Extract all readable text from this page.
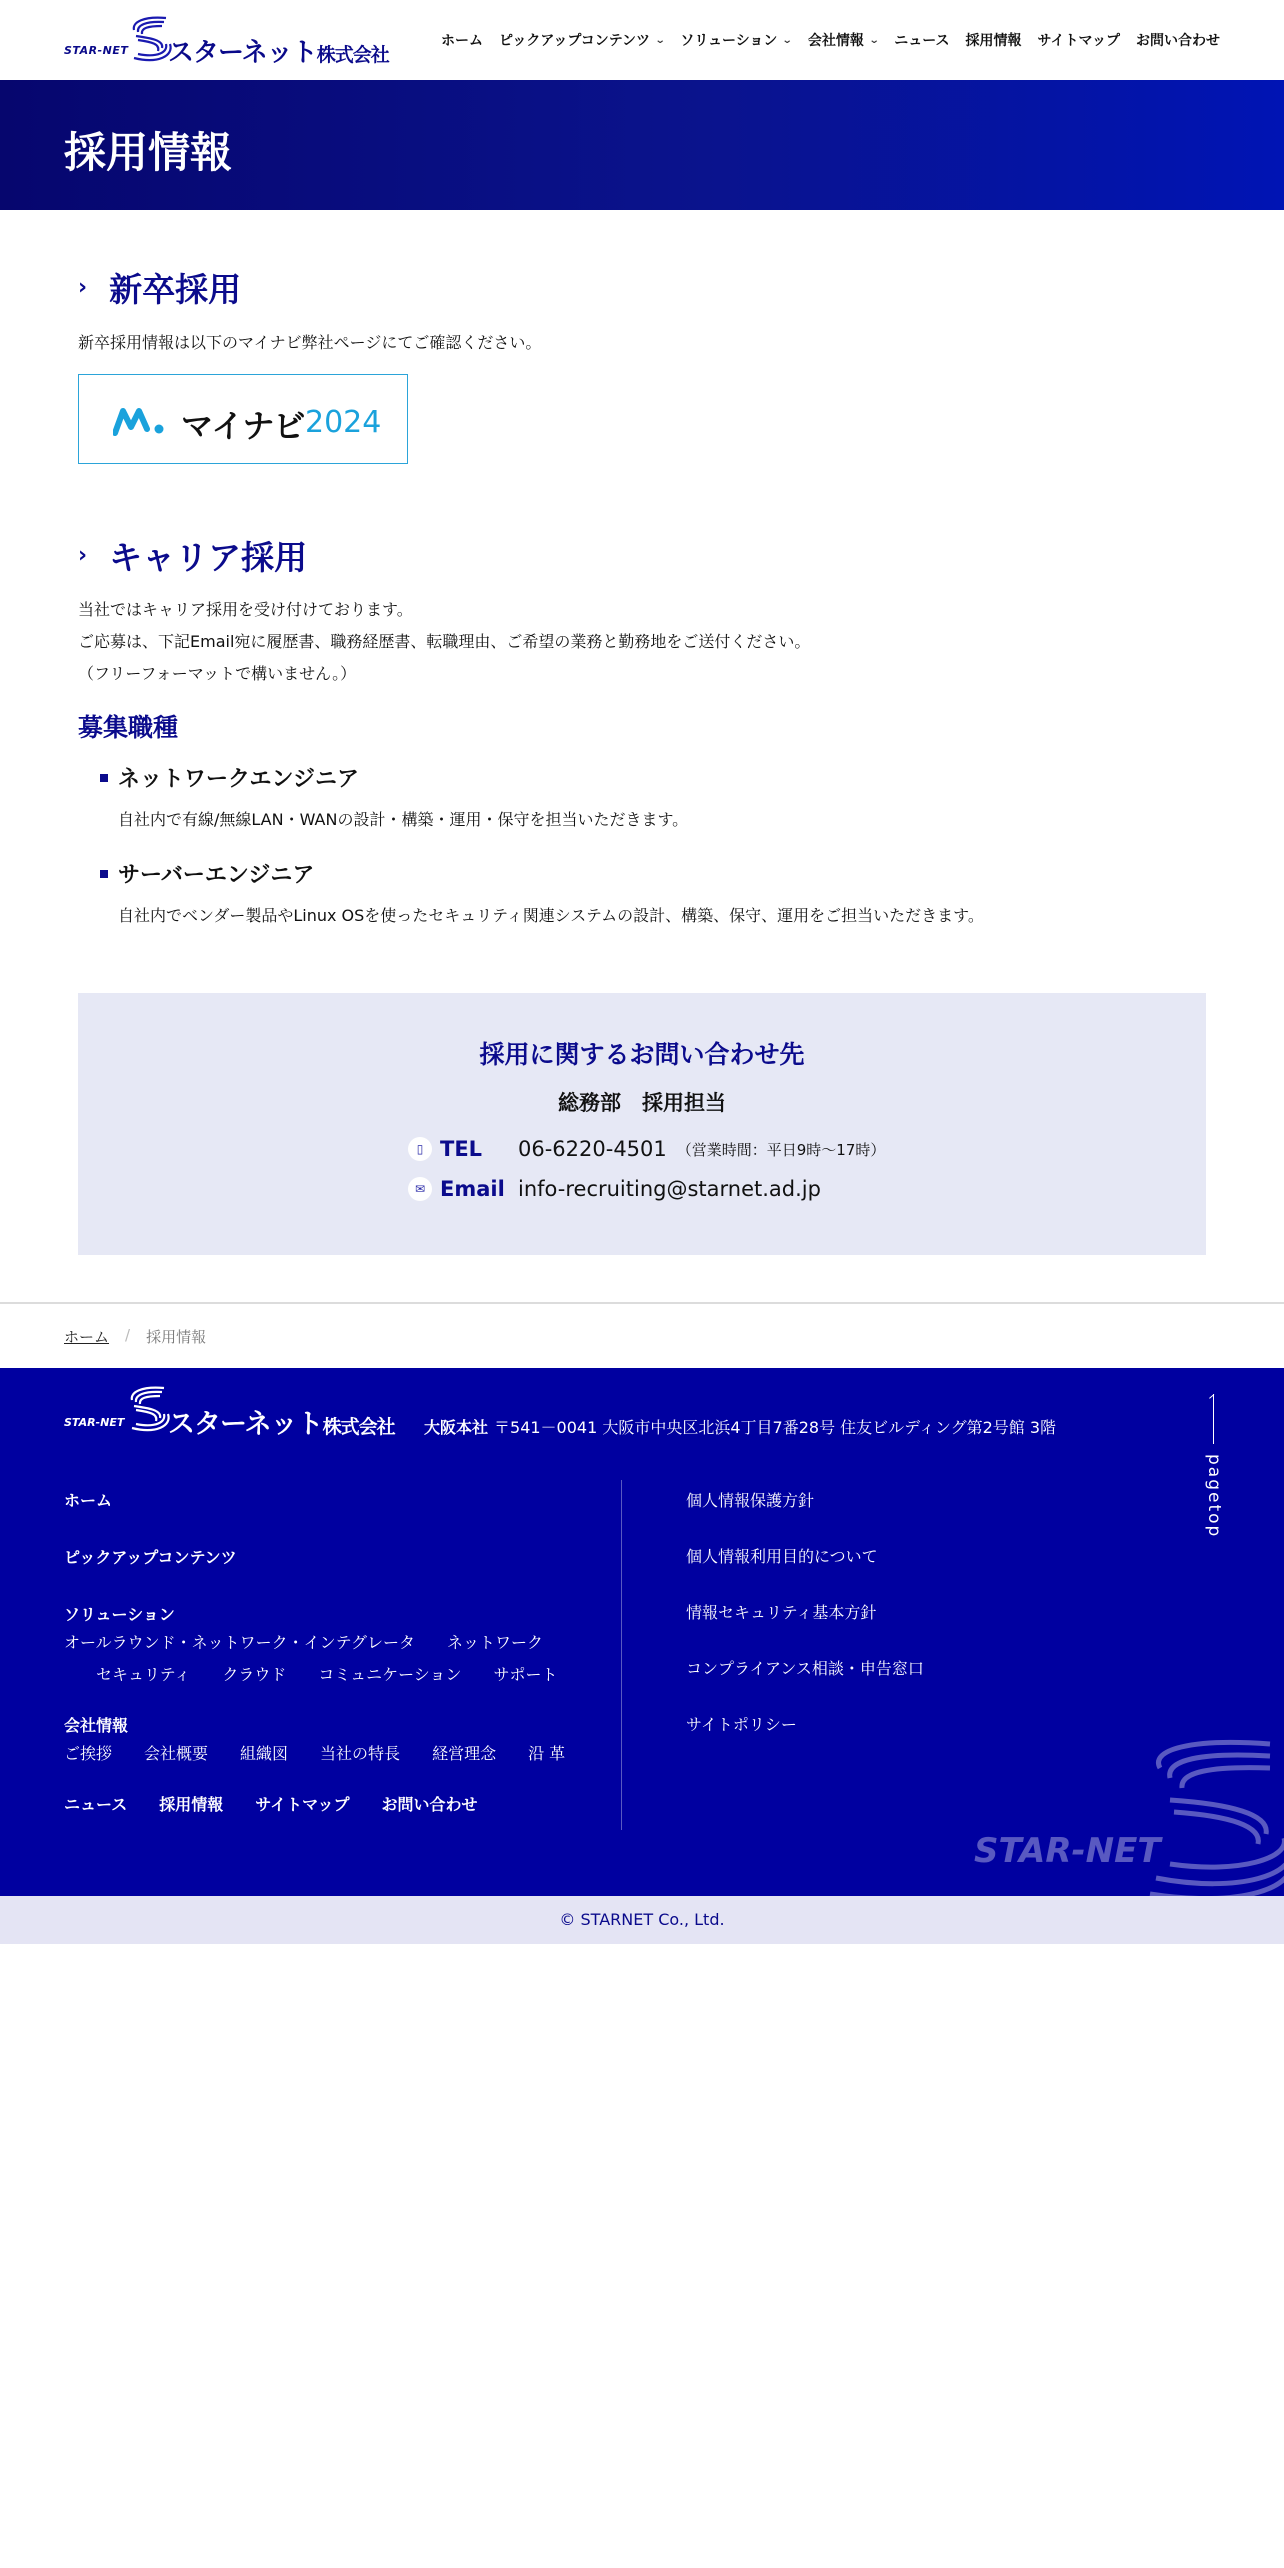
STAR-NET スターネット株式会社
ホーム ピックアップコンテンツ ⌄ ソリューション ⌄ 会社情報 ⌄ ニュース 採用情報 サイトマップ お問い合わせ
採用情報
› 新卒採用

新卒採用情報は以下のマイナビ弊社ページにてご確認ください。

マイナビ 2024
› キャリア採用
当社ではキャリア採用を受け付けております。
ご応募は、下記Email宛に履歴書、職務経歴書、転職理由、ご希望の業務と勤務地をご送付ください。
（フリーフォーマットで構いません。）
募集職種
ネットワークエンジニア
自社内で有線/無線LAN・WANの設計・構築・運用・保守を担当いただきます。
サーバーエンジニア
自社内でベンダー製品やLinux OSを使ったセキュリティ関連システムの設計、構築、保守、運用をご担当いただきます。
採用に関するお問い合わせ先
総務部　採用担当
▯ TEL	06-6220-4501 （営業時間：平日9時〜17時）
✉ Email info-recruiting@starnet.ad.jp
ホーム / 採用情報
STAR-NET スターネット株式会社 大阪本社 〒541－0041 大阪市中央区北浜4丁目7番28号 住友ビルディング第2号館 3階
pagetop
ホーム
ピックアップコンテンツ
ソリューション
オールラウンド・ネットワーク・インテグレータ ネットワーク
セキュリティ クラウド コミュニケーション サポート
会社情報
ご挨拶 会社概要 組織図 当社の特長 経営理念 沿 革
ニュース 採用情報 サイトマップ お問い合わせ
個人情報保護方針
個人情報利用目的について
情報セキュリティ基本方針
コンプライアンス相談・申告窓口
サイトポリシー
STAR-NET
© STARNET Co., Ltd.
